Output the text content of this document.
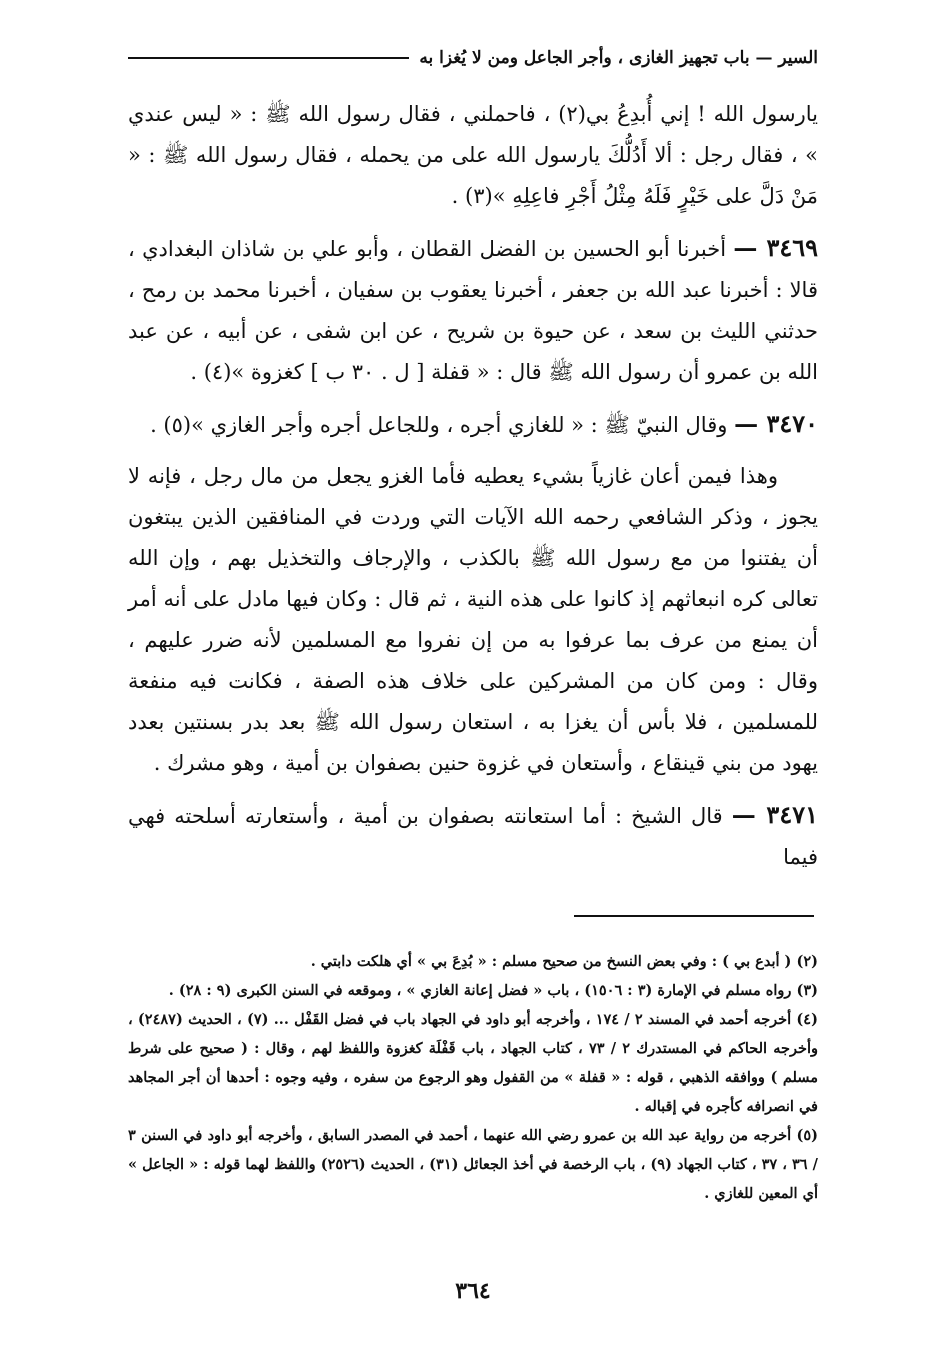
السير — باب تجهيز الغازى ، وأجر الجاعل ومن لا يُغزا به

يارسول الله ! إني أُبدِعُ بي(٢) ، فاحملني ، فقال رسول الله ﷺ : « ليس عندي » ، فقال رجل : ألا أَدُلُّكَ يارسول الله على من يحمله ، فقال رسول الله ﷺ : « مَنْ دَلَّ على خَيْرٍ فَلَهُ مِثْلُ أَجْرِ فاعِلِهِ »(٣) .

٣٤٦٩ — أخبرنا أبو الحسين بن الفضل القطان ، وأبو علي بن شاذان البغدادي ، قالا : أخبرنا عبد الله بن جعفر ، أخبرنا يعقوب بن سفيان ، أخبرنا محمد بن رمح ، حدثني الليث بن سعد ، عن حيوة بن شريح ، عن ابن شفى ، عن أبيه ، عن عبد الله بن عمرو أن رسول الله ﷺ قال : « قفلة [ ل . ٣٠ ب ] كغزوة »(٤) .

٣٤٧٠ — وقال النبيّ ﷺ : « للغازي أجره ، وللجاعل أجره وأجر الغازي »(٥) .

وهذا فيمن أعان غازياً بشيء يعطيه فأما الغزو يجعل من مال رجل ، فإنه لا يجوز ، وذكر الشافعي رحمه الله الآيات التي وردت في المنافقين الذين يبتغون أن يفتنوا من مع رسول الله ﷺ بالكذب ، والإرجاف والتخذيل بهم ، وإن الله تعالى كره انبعاثهم إذ كانوا على هذه النية ، ثم قال : وكان فيها مادل على أنه أمر أن يمنع من عرف بما عرفوا به من إن نفروا مع المسلمين لأنه ضرر عليهم ، وقال : ومن كان من المشركين على خلاف هذه الصفة ، فكانت فيه منفعة للمسلمين ، فلا بأس أن يغزا به ، استعان رسول الله ﷺ بعد بدر بسنتين بعدد يهود من بني قينقاع ، وأستعان في غزوة حنين بصفوان بن أمية ، وهو مشرك .

٣٤٧١ — قال الشيخ : أما استعانته بصفوان بن أمية ، وأستعارته أسلحته فهي فيما

(٢) ( أبدع بي ) : وفي بعض النسخ من صحيح مسلم : « بُدِعَ بي » أي هلكت دابتي .

(٣) رواه مسلم في الإمارة (٣ : ١٥٠٦) ، باب « فضل إعانة الغازي » ، وموقعه في السنن الكبرى (٩ : ٢٨) .

(٤) أخرجه أحمد في المسند ٢ / ١٧٤ ، وأخرجه أبو داود في الجهاد باب في فضل القَفْل ... (٧) ، الحديث (٢٤٨٧) ، وأخرجه الحاكم في المستدرك ٢ / ٧٣ ، كتاب الجهاد ، باب قَفْلَة كغزوة واللفظ لهم ، وقال : ( صحيح على شرط مسلم ) ووافقه الذهبي ، قوله : « قفلة » من القفول وهو الرجوع من سفره ، وفيه وجوه : أحدها أن أجر المجاهد في انصرافه كأجره في إقباله .

(٥) أخرجه من رواية عبد الله بن عمرو رضي الله عنهما ، أحمد في المصدر السابق ، وأخرجه أبو داود في السنن ٣ / ٣٦ ، ٣٧ ، كتاب الجهاد (٩) ، باب الرخصة في أخذ الجعائل (٣١) ، الحديث (٢٥٢٦) واللفظ لهما قوله : « الجاعل » أي المعين للغازي .

٣٦٤
